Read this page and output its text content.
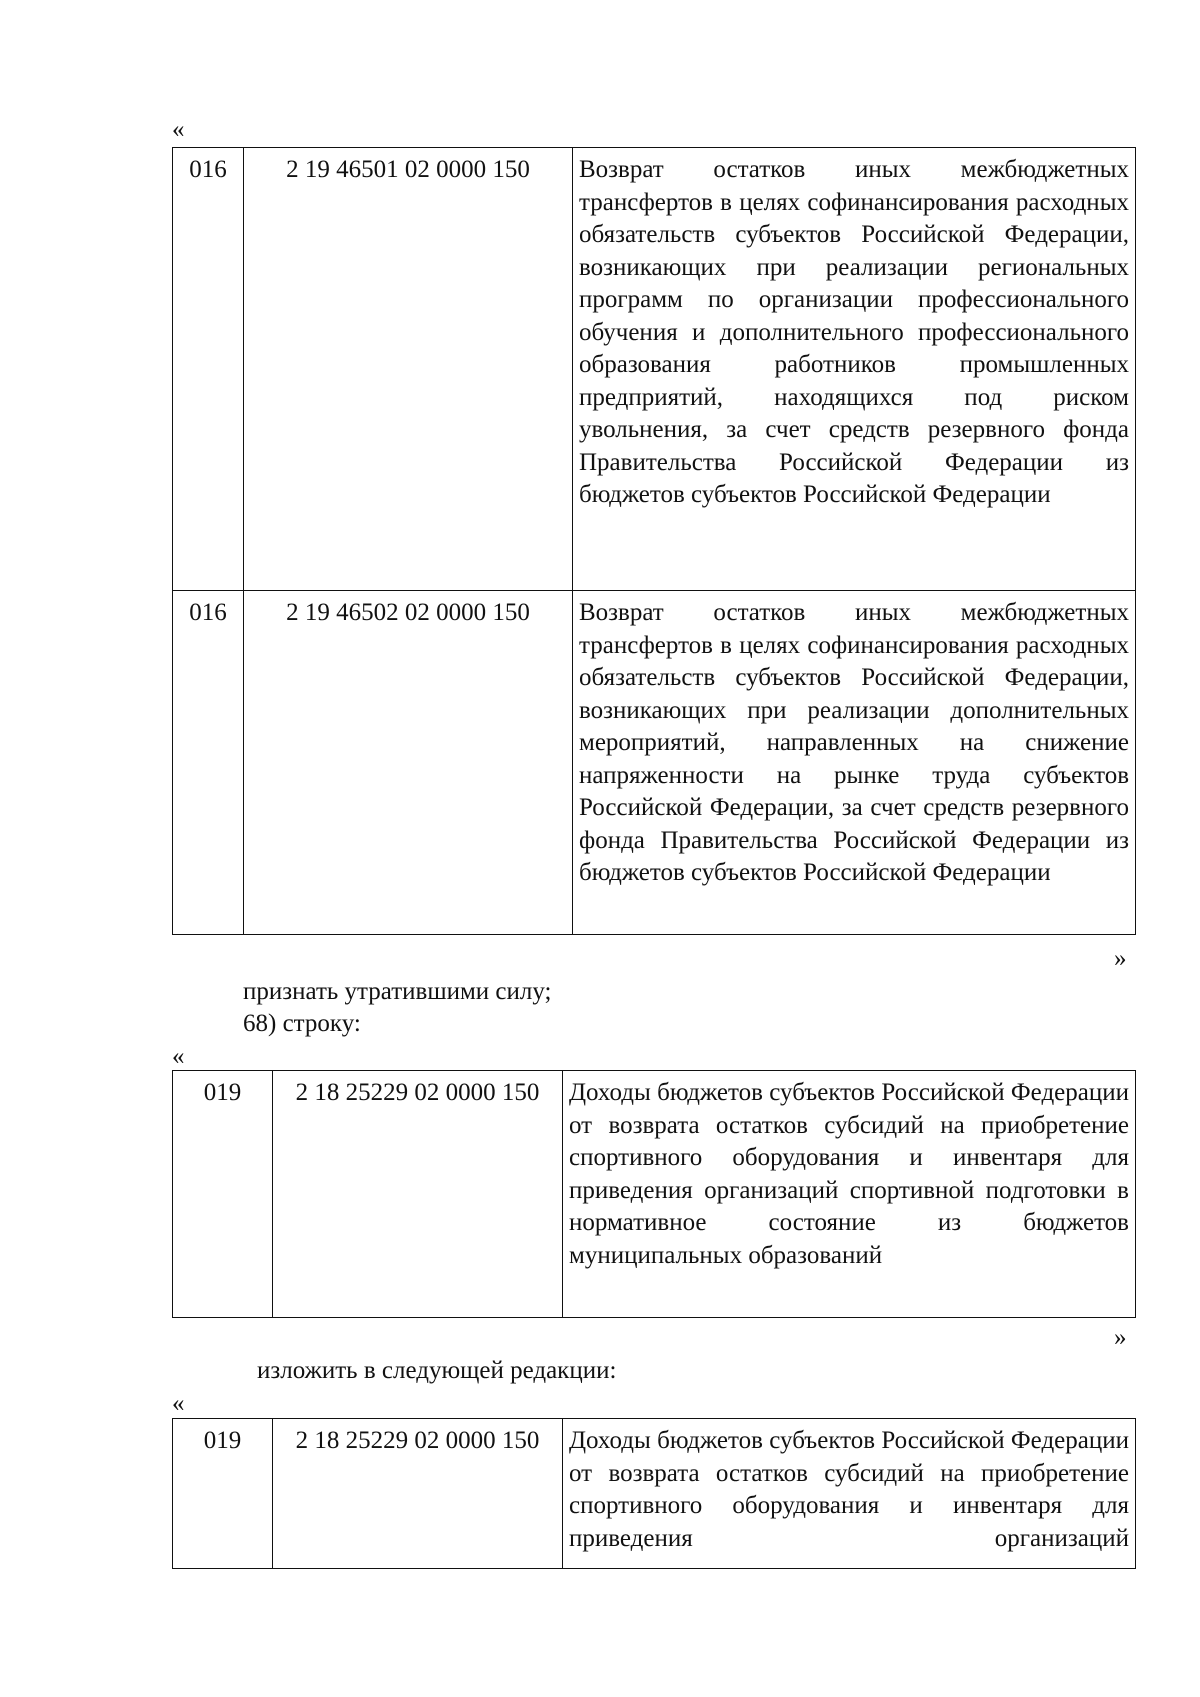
«
016	2 19 46501 02 0000 150	Возврат остатков иных межбюджетных трансфертов в целях софинансирования расходных обязательств субъектов Российской Федерации, возникающих при реализации региональных программ по организации профессионального обучения и дополнительного профессионального образования работников промышленных предприятий, находящихся под риском увольнения, за счет средств резервного фонда Правительства Российской Федерации из бюджетов субъектов Российской Федерации

016	2 19 46502 02 0000 150	Возврат остатков иных межбюджетных трансфертов в целях софинансирования расходных обязательств субъектов Российской Федерации, возникающих при реализации дополнительных мероприятий, направленных на снижение напряженности на рынке труда субъектов Российской Федерации, за счет средств резервного фонда Правительства Российской Федерации из бюджетов субъектов Российской Федерации
»
признать утратившими силу;
68) строку:
«
019	2 18 25229 02 0000 150	Доходы бюджетов субъектов Российской Федерации от возврата остатков субсидий на приобретение спортивного оборудования и инвентаря для приведения организаций спортивной подготовки в нормативное состояние из бюджетов муниципальных образований
»
изложить в следующей редакции:
«
019	2 18 25229 02 0000 150	Доходы бюджетов субъектов Российской Федерации от возврата остатков субсидий на приобретение спортивного оборудования и инвентаря для приведения организаций
